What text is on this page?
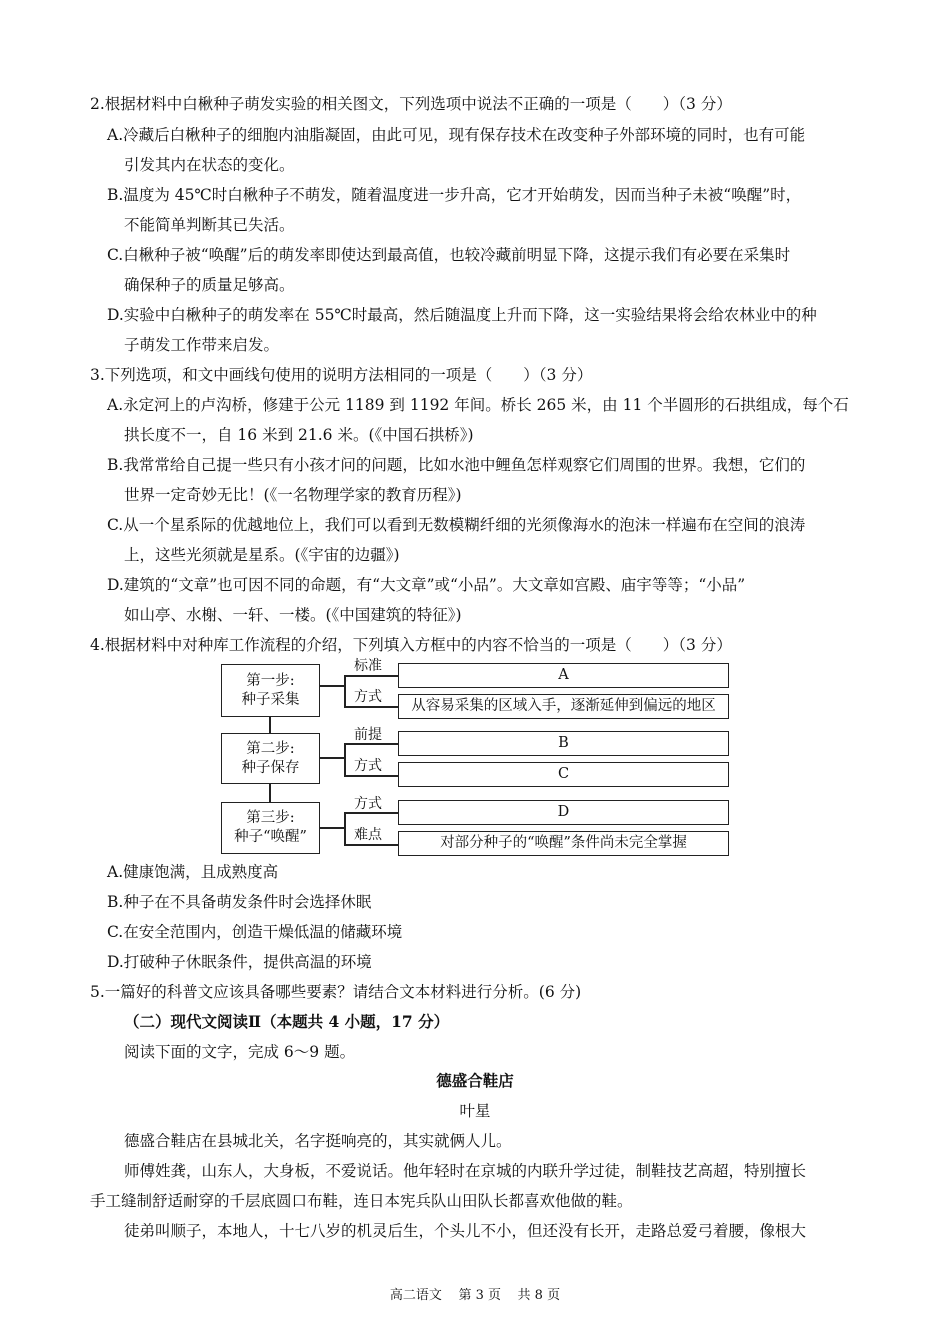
2.根据材料中白楸种子萌发实验的相关图文，下列选项中说法不正确的一项是（　　）（3 分）
A.冷藏后白楸种子的细胞内油脂凝固，由此可见，现有保存技术在改变种子外部环境的同时，也有可能
引发其内在状态的变化。
B.温度为 45℃时白楸种子不萌发，随着温度进一步升高，它才开始萌发，因而当种子未被“唤醒”时，
不能简单判断其已失活。
C.白楸种子被“唤醒”后的萌发率即使达到最高值，也较冷藏前明显下降，这提示我们有必要在采集时
确保种子的质量足够高。
D.实验中白楸种子的萌发率在 55℃时最高，然后随温度上升而下降，这一实验结果将会给农林业中的种
子萌发工作带来启发。
3.下列选项，和文中画线句使用的说明方法相同的一项是（　　）（3 分）
A.永定河上的卢沟桥，修建于公元 1189 到 1192 年间。桥长 265 米，由 11 个半圆形的石拱组成，每个石
拱长度不一，自 16 米到 21.6 米。(《中国石拱桥》)
B.我常常给自己提一些只有小孩才问的问题，比如水池中鲤鱼怎样观察它们周围的世界。我想，它们的
世界一定奇妙无比！(《一名物理学家的教育历程》)
C.从一个星系际的优越地位上，我们可以看到无数模糊纤细的光须像海水的泡沫一样遍布在空间的浪涛
上，这些光须就是星系。(《宇宙的边疆》)
D.建筑的“文章”也可因不同的命题，有“大文章”或“小品”。大文章如宫殿、庙宇等等；“小品”
如山亭、水榭、一轩、一楼。(《中国建筑的特征》)
4.根据材料中对种库工作流程的介绍，下列填入方框中的内容不恰当的一项是（　　）（3 分）
标准
方式
前提
方式
方式
难点
第一步:
种子采集
第二步:
种子保存
第三步:
种子“唤醒”
A
从容易采集的区域入手，逐渐延伸到偏远的地区
B
C
D
对部分种子的“唤醒”条件尚未完全掌握
A.健康饱满，且成熟度高
B.种子在不具备萌发条件时会选择休眠
C.在安全范围内，创造干燥低温的储藏环境
D.打破种子休眠条件，提供高温的环境
5.一篇好的科普文应该具备哪些要素？请结合文本材料进行分析。(6 分)
（二）现代文阅读Ⅱ（本题共 4 小题，17 分）
阅读下面的文字，完成 6～9 题。
德盛合鞋店
叶星
德盛合鞋店在县城北关，名字挺响亮的，其实就俩人儿。
师傅姓龚，山东人，大身板，不爱说话。他年轻时在京城的内联升学过徒，制鞋技艺高超，特别擅长
手工缝制舒适耐穿的千层底圆口布鞋，连日本宪兵队山田队长都喜欢他做的鞋。
徒弟叫顺子，本地人，十七八岁的机灵后生，个头儿不小，但还没有长开，走路总爱弓着腰，像根大
高二语文 第 3 页 共 8 页
